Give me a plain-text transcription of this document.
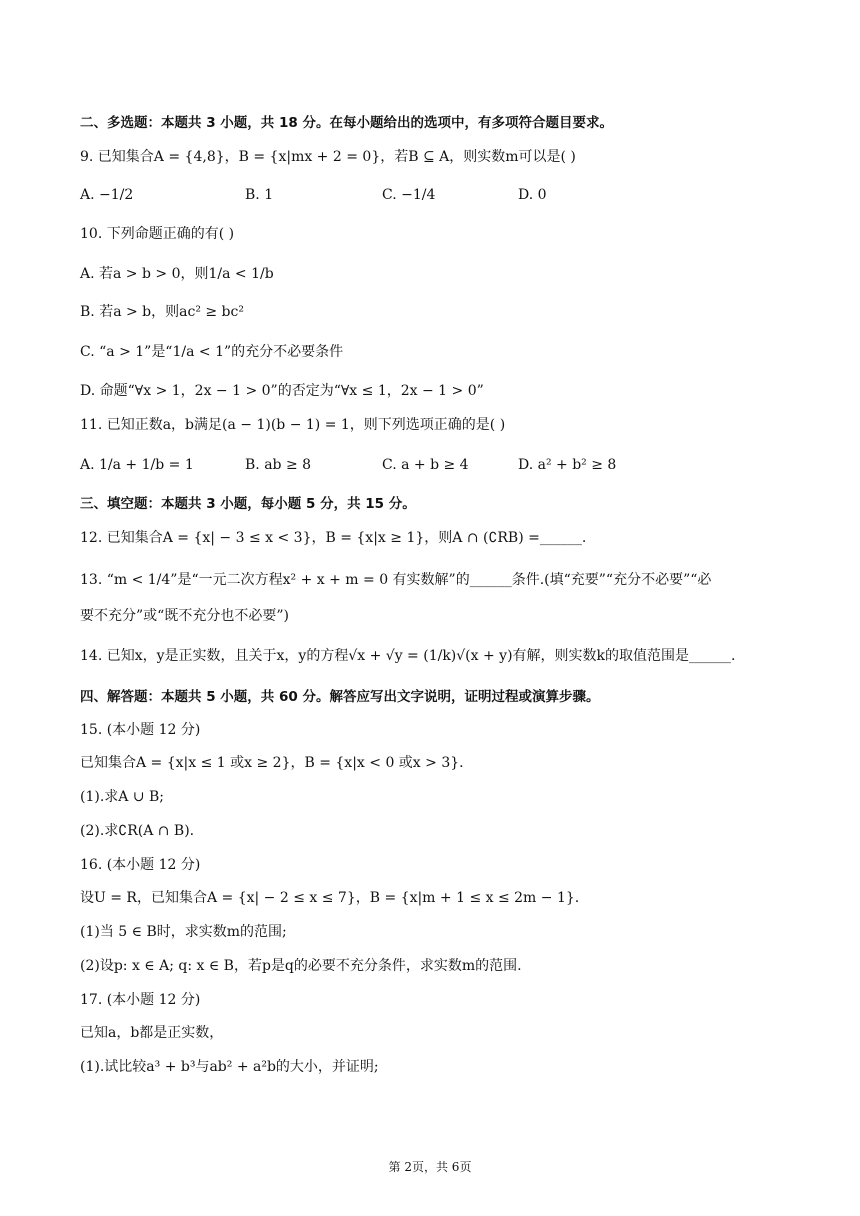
二、多选题：本题共 3 小题，共 18 分。在每小题给出的选项中，有多项符合题目要求。
9. 已知集合A = {4,8}，B = {x|mx + 2 = 0}，若B ⊆ A，则实数m可以是( )
A. −1/2	B. 1	C. −1/4	D. 0
10. 下列命题正确的有( )
A. 若a > b > 0，则1/a < 1/b
B. 若a > b，则ac² ≥ bc²
C. “a > 1”是“1/a < 1”的充分不必要条件
D. 命题“∀x > 1，2x − 1 > 0”的否定为“∀x ≤ 1，2x − 1 > 0”
11. 已知正数a，b满足(a − 1)(b − 1) = 1，则下列选项正确的是( )
A. 1/a + 1/b = 1	B. ab ≥ 8	C. a + b ≥ 4	D. a² + b² ≥ 8
三、填空题：本题共 3 小题，每小题 5 分，共 15 分。
12. 已知集合A = {x| − 3 ≤ x < 3}，B = {x|x ≥ 1}，则A ∩ (∁RB) =______.
13. “m < 1/4”是“一元二次方程x² + x + m = 0 有实数解”的______条件.(填“充要”“充分不必要”“必
要不充分”或“既不充分也不必要”)
14. 已知x，y是正实数，且关于x，y的方程√x + √y = (1/k)√(x + y)有解，则实数k的取值范围是______.
四、解答题：本题共 5 小题，共 60 分。解答应写出文字说明，证明过程或演算步骤。
15. (本小题 12 分)
已知集合A = {x|x ≤ 1 或x ≥ 2}，B = {x|x < 0 或x > 3}.
(1).求A ∪ B;
(2).求∁R(A ∩ B).
16. (本小题 12 分)
设U = R，已知集合A = {x| − 2 ≤ x ≤ 7}，B = {x|m + 1 ≤ x ≤ 2m − 1}.
(1)当 5 ∈ B时，求实数m的范围;
(2)设p: x ∈ A; q: x ∈ B，若p是q的必要不充分条件，求实数m的范围.
17. (本小题 12 分)
已知a，b都是正实数，
(1).试比较a³ + b³与ab² + a²b的大小，并证明;
第 2页，共 6页
